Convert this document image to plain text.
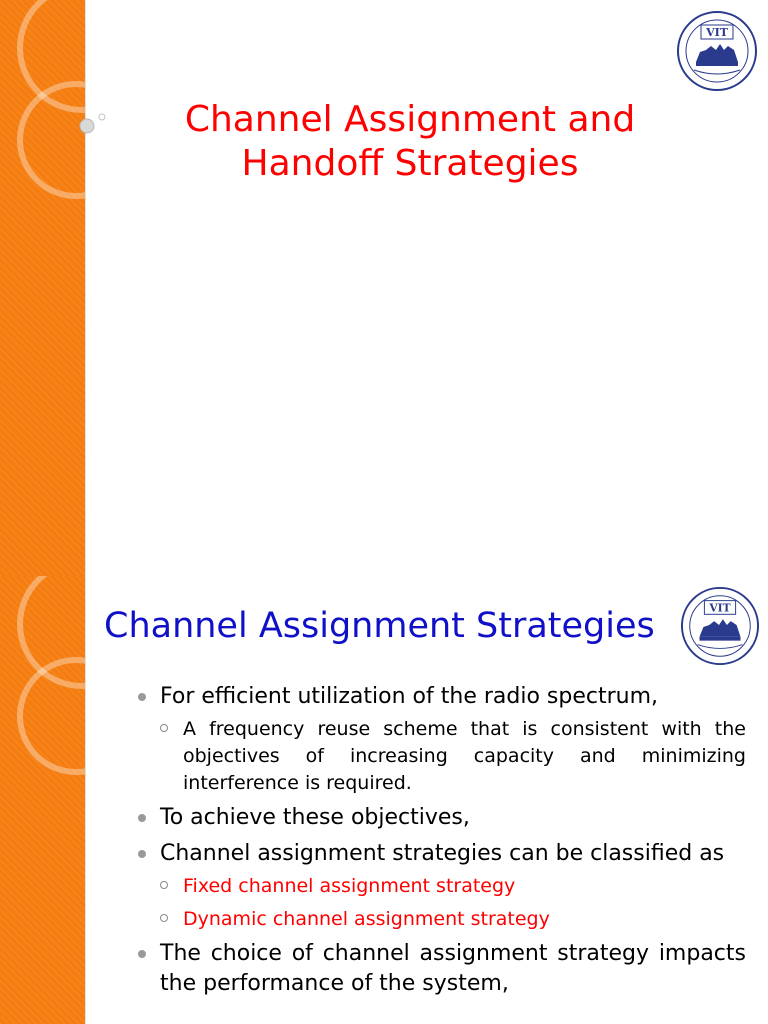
VIT
Channel Assignment and
Handoff Strategies
Channel Assignment Strategies	VIT
For efficient utilization of the radio spectrum,
A frequency reuse scheme that is consistent with the objectives of increasing capacity and minimizing interference is required.
To achieve these objectives,
Channel assignment strategies can be classified as
Fixed channel assignment strategy
Dynamic channel assignment strategy
The choice of channel assignment strategy impacts the performance of the system,
